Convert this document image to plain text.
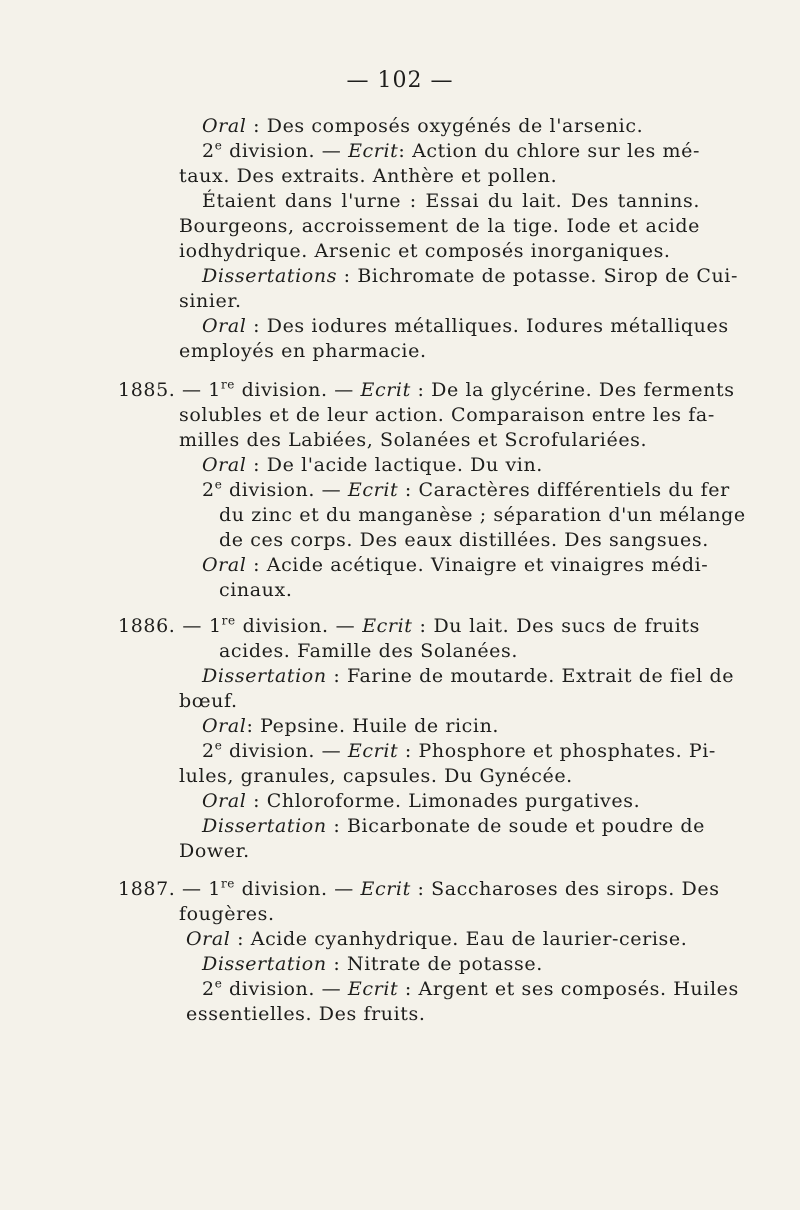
— 102 —
Oral : Des composés oxygénés de l'arsenic.
2e division. — Ecrit: Action du chlore sur les mé-
taux. Des extraits. Anthère et pollen.
Étaient dans l'urne : Essai du lait. Des tannins.
Bourgeons, accroissement de la tige. Iode et acide
iodhydrique. Arsenic et composés inorganiques.
Dissertations : Bichromate de potasse. Sirop de Cui-
sinier.
Oral : Des iodures métalliques. Iodures métalliques
employés en pharmacie.
1885. — 1re division. — Ecrit : De la glycérine. Des ferments
solubles et de leur action. Comparaison entre les fa-
milles des Labiées, Solanées et Scrofulariées.
Oral : De l'acide lactique. Du vin.
2e division. — Ecrit : Caractères différentiels du fer
du zinc et du manganèse ; séparation d'un mélange
de ces corps. Des eaux distillées. Des sangsues.
Oral : Acide acétique. Vinaigre et vinaigres médi-
cinaux.
1886. — 1re division. — Ecrit : Du lait. Des sucs de fruits
acides. Famille des Solanées.
Dissertation : Farine de moutarde. Extrait de fiel de
bœuf.
Oral: Pepsine. Huile de ricin.
2e division. — Ecrit : Phosphore et phosphates. Pi-
lules, granules, capsules. Du Gynécée.
Oral : Chloroforme. Limonades purgatives.
Dissertation : Bicarbonate de soude et poudre de
Dower.
1887. — 1re division. — Ecrit : Saccharoses des sirops. Des
fougères.
Oral : Acide cyanhydrique. Eau de laurier-cerise.
Dissertation : Nitrate de potasse.
2e division. — Ecrit : Argent et ses composés. Huiles
essentielles. Des fruits.
